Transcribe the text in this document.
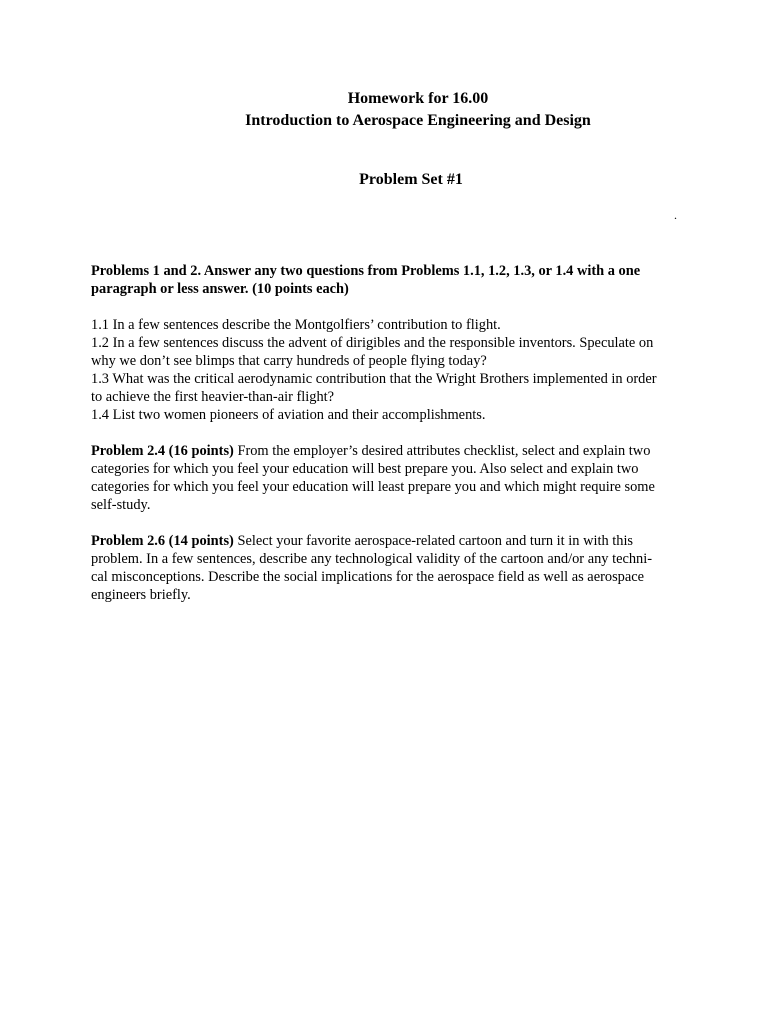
Homework for 16.00
Introduction to Aerospace Engineering and Design
Problem Set #1
.

Problems 1 and 2. Answer any two questions from Problems 1.1, 1.2, 1.3, or 1.4 with a one
paragraph or less answer. (10 points each)

1.1 In a few sentences describe the Montgolfiers’ contribution to flight.
1.2 In a few sentences discuss the advent of dirigibles and the responsible inventors. Speculate on
why we don’t see blimps that carry hundreds of people flying today?
1.3 What was the critical aerodynamic contribution that the Wright Brothers implemented in order
to achieve the first heavier-than-air flight?
1.4 List two women pioneers of aviation and their accomplishments.

Problem 2.4 (16 points) From the employer’s desired attributes checklist, select and explain two
categories for which you feel your education will best prepare you. Also select and explain two
categories for which you feel your education will least prepare you and which might require some
self-study.

Problem 2.6 (14 points) Select your favorite aerospace-related cartoon and turn it in with this
problem. In a few sentences, describe any technological validity of the cartoon and/or any techni-
cal misconceptions. Describe the social implications for the aerospace field as well as aerospace
engineers briefly.
